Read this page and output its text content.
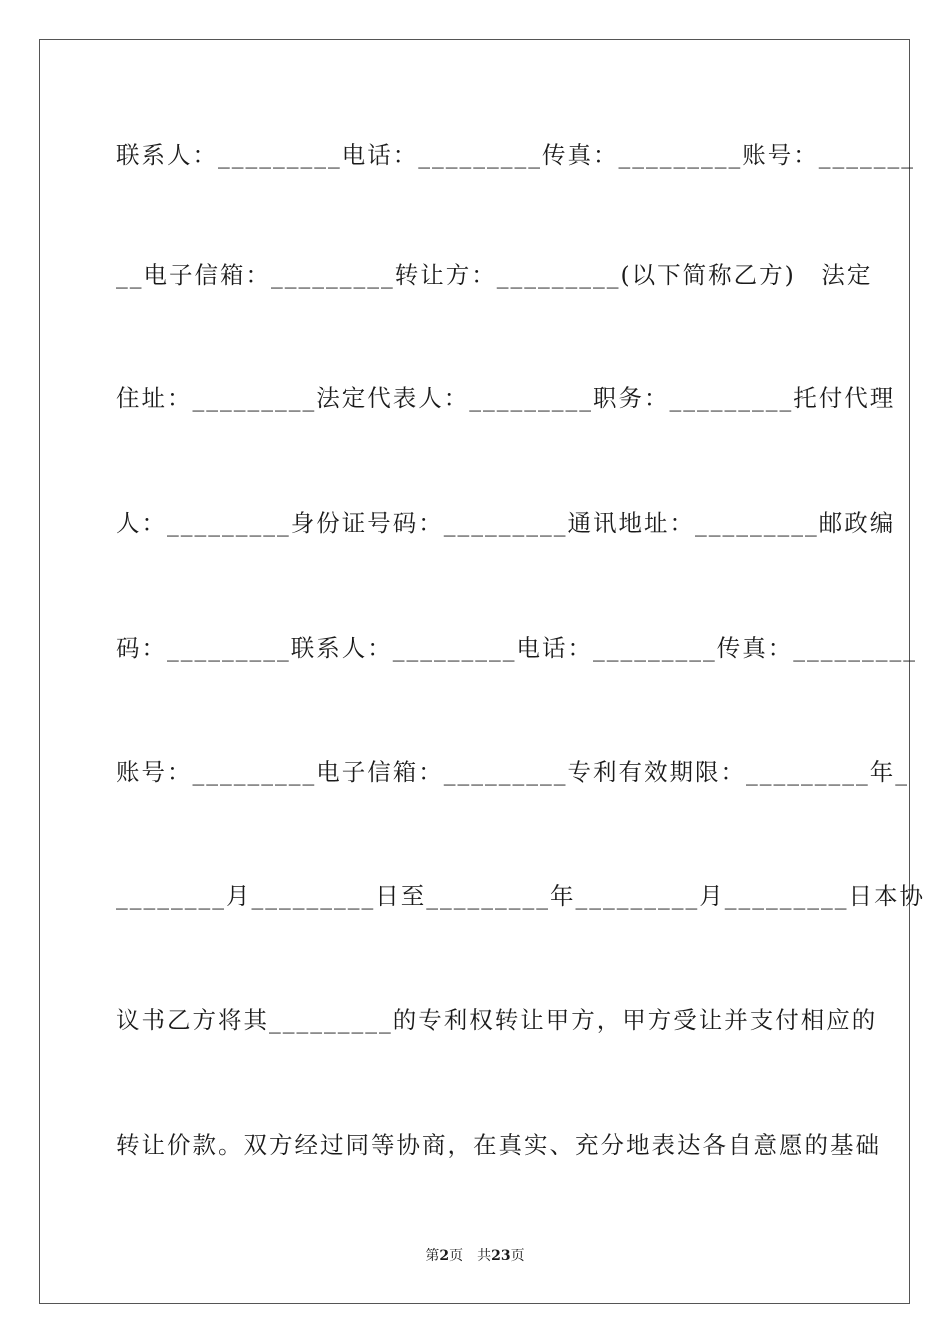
联系人：_________电话：_________传真：_________账号：_______
__电子信箱：_________转让方：_________(以下简称乙方)　法定
住址：_________法定代表人：_________职务：_________托付代理
人：_________身份证号码：_________通讯地址：_________邮政编
码：_________联系人：_________电话：_________传真：_________
账号：_________电子信箱：_________专利有效期限：_________年_
________月_________日至_________年_________月_________日本协
议书乙方将其_________的专利权转让甲方，甲方受让并支付相应的
转让价款。双方经过同等协商，在真实、充分地表达各自意愿的基础
第2页 共23页
